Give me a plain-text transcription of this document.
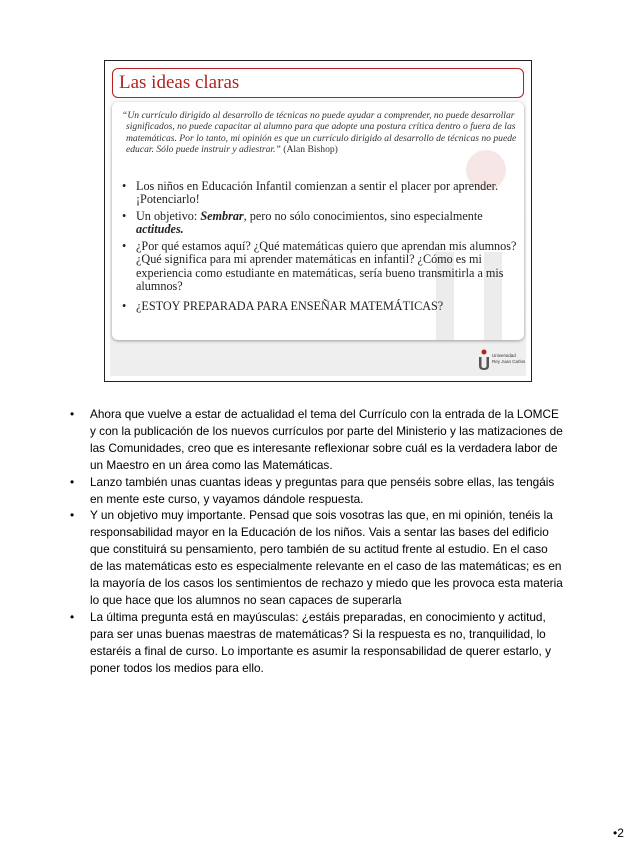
Las ideas claras
“Un currículo dirigido al desarrollo de técnicas no puede ayudar a comprender, no puede desarrollar significados, no puede capacitar al alumno para que adopte una postura crítica dentro o fuera de las matemáticas. Por lo tanto, mi opinión es que un currículo dirigido al desarrollo de técnicas no puede educar. Sólo puede instruir y adiestrar.” (Alan Bishop)
• Los niños en Educación Infantil comienzan a sentir el placer por aprender. ¡Potenciarlo!
• Un objetivo: Sembrar, pero no sólo conocimientos, sino especialmente actitudes.
• ¿Por qué estamos aquí? ¿Qué matemáticas quiero que aprendan mis alumnos? ¿Qué significa para mi aprender matemáticas en infantil? ¿Cómo es mi experiencia como estudiante en matemáticas, sería bueno transmitirla a mis alumnos?
• ¿ESTOY PREPARADA PARA ENSEÑAR MATEMÁTICAS?
Universidad
Rey Juan Carlos
• Ahora que vuelve a estar de actualidad el tema del Currículo con la entrada de la LOMCE y con la publicación de los nuevos currículos por parte del Ministerio y las matizaciones de las Comunidades, creo que es interesante reflexionar sobre cuál es la verdadera labor de un Maestro en un área como las Matemáticas.
• Lanzo también unas cuantas ideas y preguntas para que penséis sobre ellas, las tengáis en mente este curso, y vayamos dándole respuesta.
• Y un objetivo muy importante. Pensad que sois vosotras las que, en mi opinión, tenéis la responsabilidad mayor en la Educación de los niños. Vais a sentar las bases del edificio que constituirá su pensamiento, pero también de su actitud frente al estudio. En el caso de las matemáticas esto es especialmente relevante en el caso de las matemáticas; es en la mayoría de los casos los sentimientos de rechazo y miedo que les provoca esta materia lo que hace que los alumnos no sean capaces de superarla
• La última pregunta está en mayúsculas: ¿estáis preparadas, en conocimiento y actitud, para ser unas buenas maestras de matemáticas? Si la respuesta es no, tranquilidad, lo estaréis a final de curso. Lo importante es asumir la responsabilidad de querer estarlo, y poner todos los medios para ello.
•2
